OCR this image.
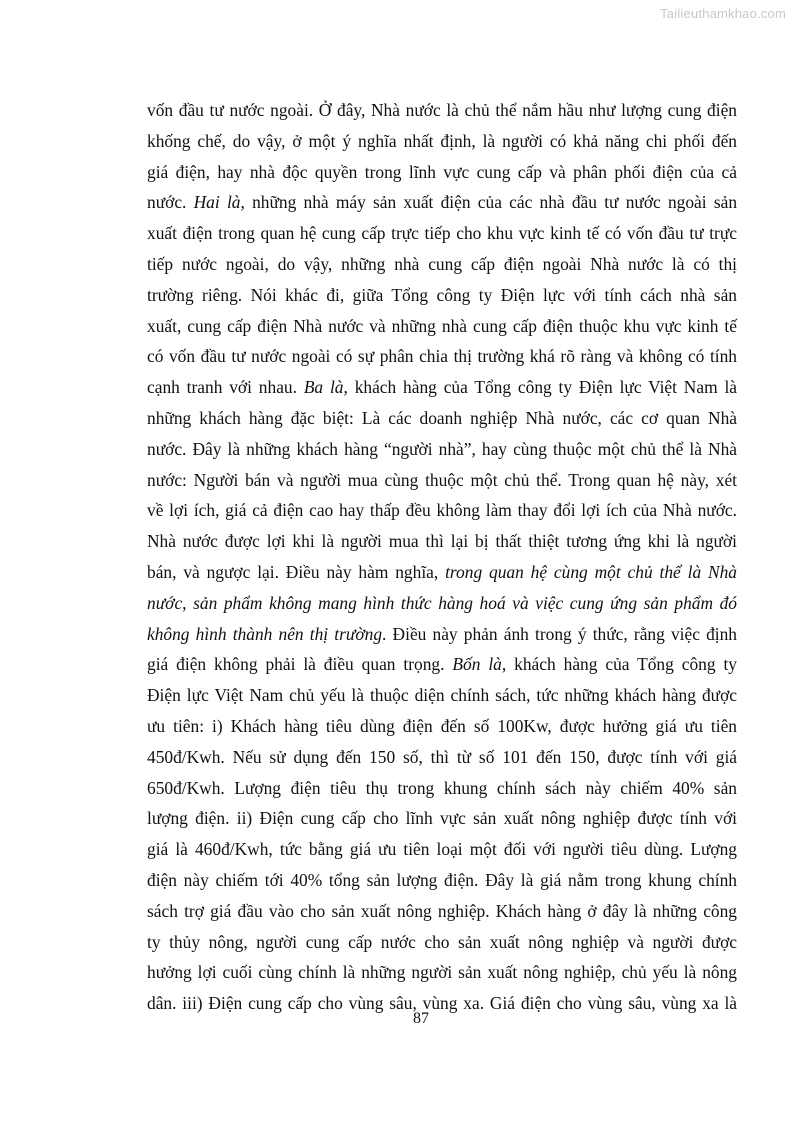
Tailieuthamkhao.com
vốn đầu tư nước ngoài. Ở đây, Nhà nước là chủ thể nắm hầu như lượng cung điện
khống chế, do vậy, ở một ý nghĩa nhất định, là người có khả năng chi phối đến
giá điện, hay nhà độc quyền trong lĩnh vực cung cấp và phân phối điện của cả
nước. Hai là, những nhà máy sản xuất điện của các nhà đầu tư nước ngoài sản
xuất điện trong quan hệ cung cấp trực tiếp cho khu vực kinh tế có vốn đầu tư trực
tiếp nước ngoài, do vậy, những nhà cung cấp điện ngoài Nhà nước là có thị
trường riêng. Nói khác đi, giữa Tổng công ty Điện lực với tính cách nhà sản
xuất, cung cấp điện Nhà nước và những nhà cung cấp điện thuộc khu vực kinh tế
có vốn đầu tư nước ngoài có sự phân chia thị trường khá rõ ràng và không có tính
cạnh tranh với nhau. Ba là, khách hàng của Tổng công ty Điện lực Việt Nam là
những khách hàng đặc biệt: Là các doanh nghiệp Nhà nước, các cơ quan Nhà
nước. Đây là những khách hàng “người nhà”, hay cùng thuộc một chủ thể là Nhà
nước: Người bán và người mua cùng thuộc một chủ thể. Trong quan hệ này, xét
về lợi ích, giá cả điện cao hay thấp đều không làm thay đổi lợi ích của Nhà nước.
Nhà nước được lợi khi là người mua thì lại bị thất thiệt tương ứng khi là người
bán, và ngược lại. Điều này hàm nghĩa, trong quan hệ cùng một chủ thể là Nhà
nước, sản phẩm không mang hình thức hàng hoá và việc cung ứng sản phẩm đó
không hình thành nên thị trường. Điều này phản ánh trong ý thức, rằng việc định
giá điện không phải là điều quan trọng. Bốn là, khách hàng của Tổng công ty
Điện lực Việt Nam chủ yếu là thuộc diện chính sách, tức những khách hàng được
ưu tiên: i) Khách hàng tiêu dùng điện đến số 100Kw, được hưởng giá ưu tiên
450đ/Kwh. Nếu sử dụng đến 150 số, thì từ số 101 đến 150, được tính với giá
650đ/Kwh. Lượng điện tiêu thụ trong khung chính sách này chiếm 40% sản
lượng điện. ii) Điện cung cấp cho lĩnh vực sản xuất nông nghiệp được tính với
giá là 460đ/Kwh, tức bằng giá ưu tiên loại một đối với người tiêu dùng. Lượng
điện này chiếm tới 40% tổng sản lượng điện. Đây là giá nằm trong khung chính
sách trợ giá đầu vào cho sản xuất nông nghiệp. Khách hàng ở đây là những công
ty thủy nông, người cung cấp nước cho sản xuất nông nghiệp và người được
hưởng lợi cuối cùng chính là những người sản xuất nông nghiệp, chủ yếu là nông
dân. iii) Điện cung cấp cho vùng sâu, vùng xa. Giá điện cho vùng sâu, vùng xa là
87
